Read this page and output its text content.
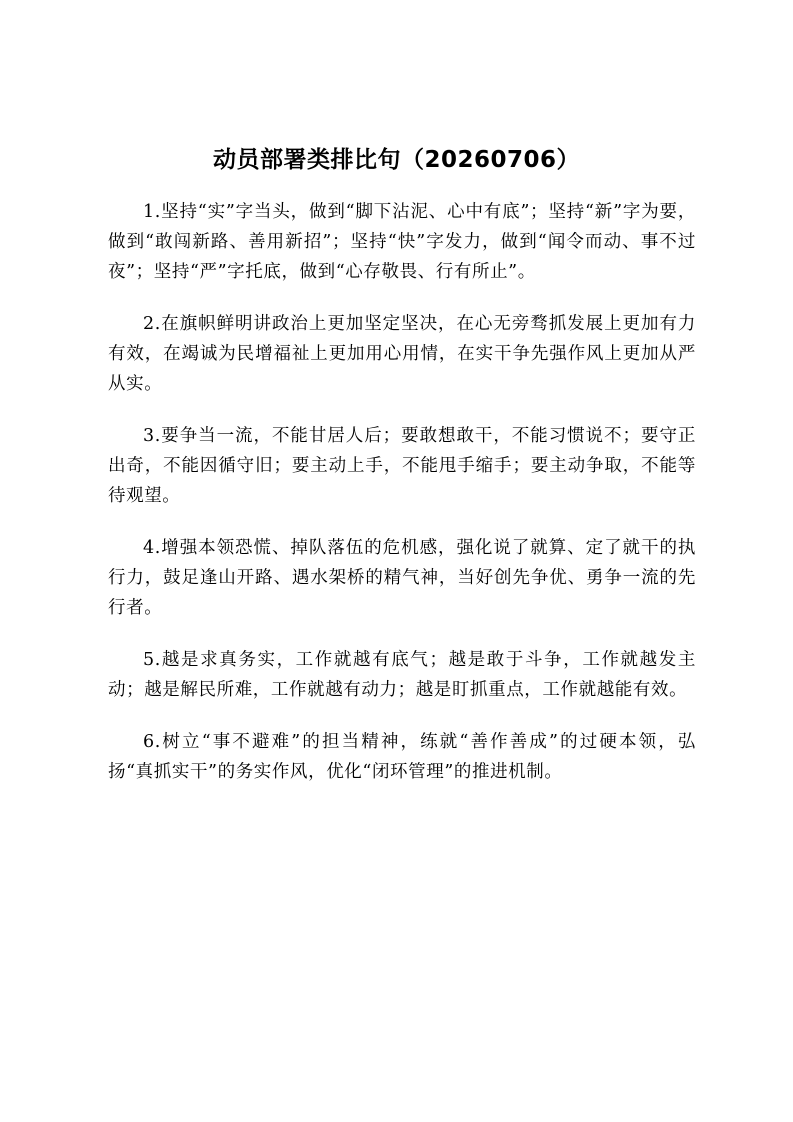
动员部署类排比句（20260706）

1.坚持“实”字当头，做到“脚下沾泥、心中有底”；坚持“新”字为要，做到“敢闯新路、善用新招”；坚持“快”字发力，做到“闻令而动、事不过夜”；坚持“严”字托底，做到“心存敬畏、行有所止”。

2.在旗帜鲜明讲政治上更加坚定坚决，在心无旁骛抓发展上更加有力有效，在竭诚为民增福祉上更加用心用情，在实干争先强作风上更加从严从实。

3.要争当一流，不能甘居人后；要敢想敢干，不能习惯说不；要守正出奇，不能因循守旧；要主动上手，不能甩手缩手；要主动争取，不能等待观望。

4.增强本领恐慌、掉队落伍的危机感，强化说了就算、定了就干的执行力，鼓足逢山开路、遇水架桥的精气神，当好创先争优、勇争一流的先行者。

5.越是求真务实，工作就越有底气；越是敢于斗争，工作就越发主动；越是解民所难，工作就越有动力；越是盯抓重点，工作就越能有效。

6.树立“事不避难”的担当精神，练就“善作善成”的过硬本领，弘扬“真抓实干”的务实作风，优化“闭环管理”的推进机制。
